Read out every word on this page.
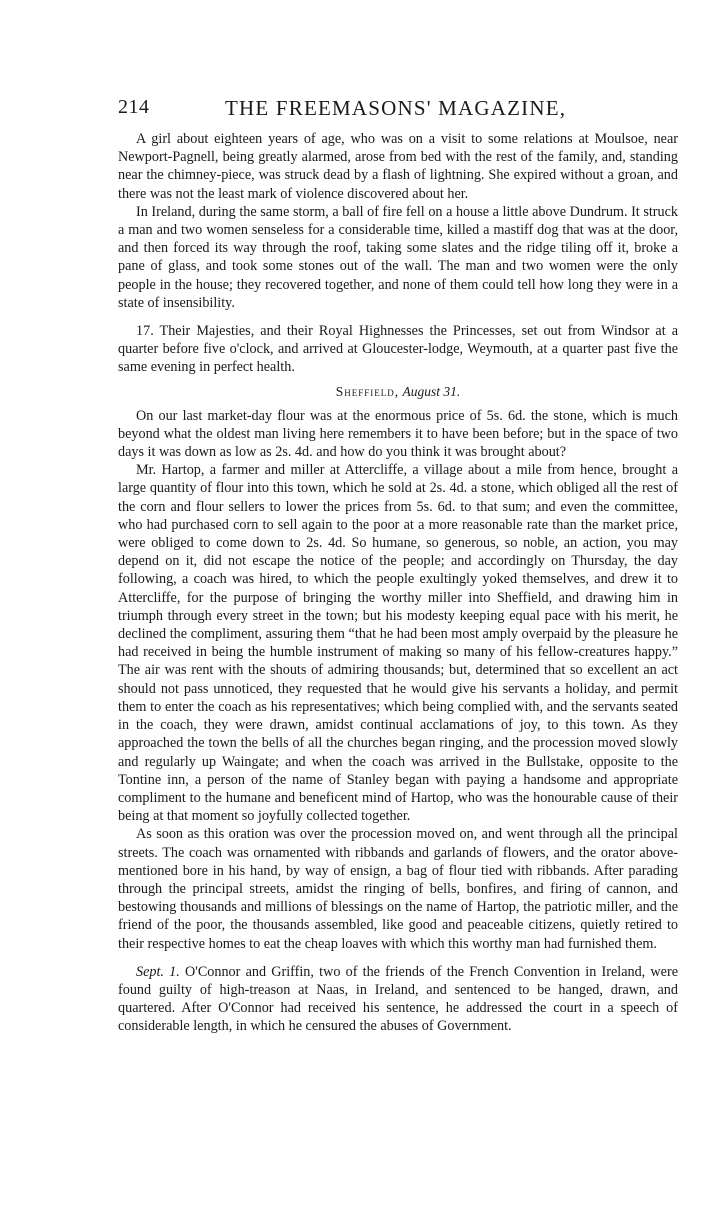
214	THE FREEMASONS' MAGAZINE,

A girl about eighteen years of age, who was on a visit to some relations at Moulsoe, near Newport-Pagnell, being greatly alarmed, arose from bed with the rest of the family, and, standing near the chimney-piece, was struck dead by a flash of lightning. She expired without a groan, and there was not the least mark of violence discovered about her.

In Ireland, during the same storm, a ball of fire fell on a house a little above Dundrum. It struck a man and two women senseless for a considerable time, killed a mastiff dog that was at the door, and then forced its way through the roof, taking some slates and the ridge tiling off it, broke a pane of glass, and took some stones out of the wall. The man and two women were the only people in the house; they recovered together, and none of them could tell how long they were in a state of insensibility.

17. Their Majesties, and their Royal Highnesses the Princesses, set out from Windsor at a quarter before five o'clock, and arrived at Gloucester-lodge, Weymouth, at a quarter past five the same evening in perfect health.

Sheffield, August 31.

On our last market-day flour was at the enormous price of 5s. 6d. the stone, which is much beyond what the oldest man living here remembers it to have been before; but in the space of two days it was down as low as 2s. 4d. and how do you think it was brought about?

Mr. Hartop, a farmer and miller at Attercliffe, a village about a mile from hence, brought a large quantity of flour into this town, which he sold at 2s. 4d. a stone, which obliged all the rest of the corn and flour sellers to lower the prices from 5s. 6d. to that sum; and even the committee, who had purchased corn to sell again to the poor at a more reasonable rate than the market price, were obliged to come down to 2s. 4d. So humane, so generous, so noble, an action, you may depend on it, did not escape the notice of the people; and accordingly on Thursday, the day following, a coach was hired, to which the people exultingly yoked themselves, and drew it to Attercliffe, for the purpose of bringing the worthy miller into Sheffield, and drawing him in triumph through every street in the town; but his modesty keeping equal pace with his merit, he declined the compliment, assuring them “that he had been most amply overpaid by the pleasure he had received in being the humble instrument of making so many of his fellow-creatures happy.” The air was rent with the shouts of admiring thousands; but, determined that so excellent an act should not pass unnoticed, they requested that he would give his servants a holiday, and permit them to enter the coach as his representatives; which being complied with, and the servants seated in the coach, they were drawn, amidst continual acclamations of joy, to this town. As they approached the town the bells of all the churches began ringing, and the procession moved slowly and regularly up Waingate; and when the coach was arrived in the Bullstake, opposite to the Tontine inn, a person of the name of Stanley began with paying a handsome and appropriate compliment to the humane and beneficent mind of Hartop, who was the honourable cause of their being at that moment so joyfully collected together.

As soon as this oration was over the procession moved on, and went through all the principal streets. The coach was ornamented with ribbands and garlands of flowers, and the orator above-mentioned bore in his hand, by way of ensign, a bag of flour tied with ribbands. After parading through the principal streets, amidst the ringing of bells, bonfires, and firing of cannon, and bestowing thousands and millions of blessings on the name of Hartop, the patriotic miller, and the friend of the poor, the thousands assembled, like good and peaceable citizens, quietly retired to their respective homes to eat the cheap loaves with which this worthy man had furnished them.

Sept. 1. O'Connor and Griffin, two of the friends of the French Convention in Ireland, were found guilty of high-treason at Naas, in Ireland, and sentenced to be hanged, drawn, and quartered. After O'Connor had received his sentence, he addressed the court in a speech of considerable length, in which he censured the abuses of Government.
